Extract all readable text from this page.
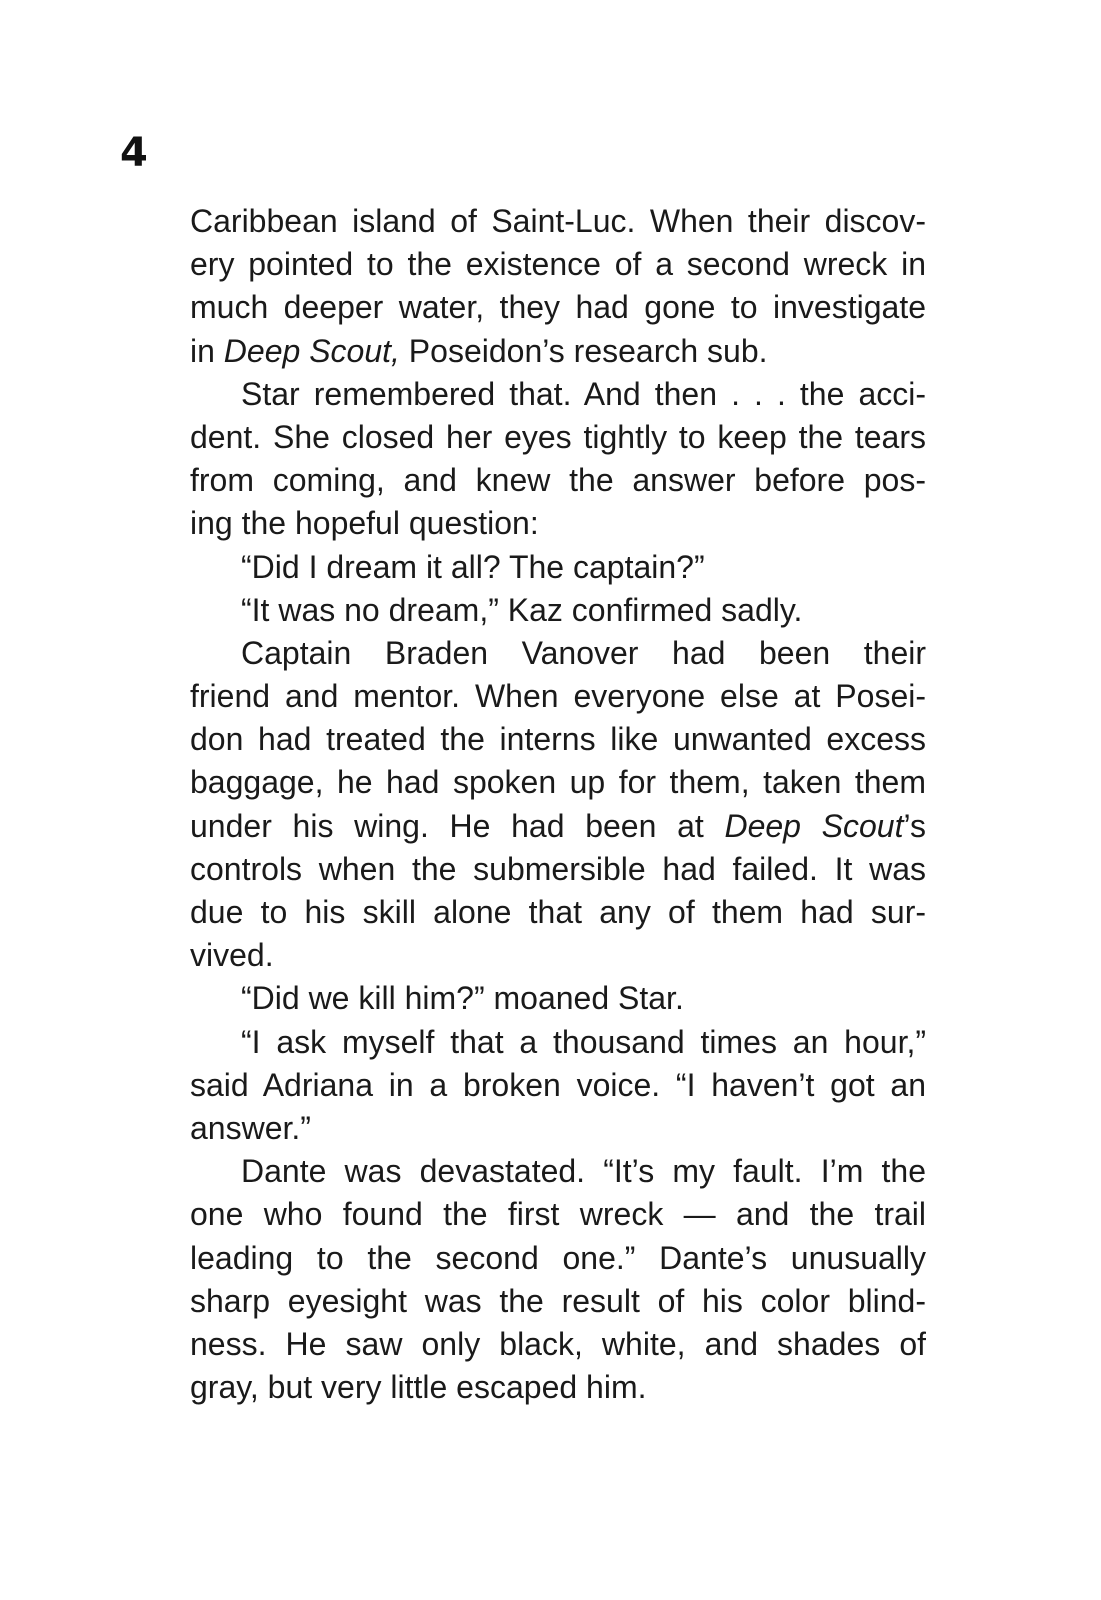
4
Caribbean island of Saint-Luc. When their discov-
ery pointed to the existence of a second wreck in
much deeper water, they had gone to investigate
in Deep Scout, Poseidon’s research sub.
Star remembered that. And then . . . the acci-
dent. She closed her eyes tightly to keep the tears
from coming, and knew the answer before pos-
ing the hopeful question:
“Did I dream it all? The captain?”
“It was no dream,” Kaz confirmed sadly.
Captain Braden Vanover had been their
friend and mentor. When everyone else at Posei-
don had treated the interns like unwanted excess
baggage, he had spoken up for them, taken them
under his wing. He had been at Deep Scout’s
controls when the submersible had failed. It was
due to his skill alone that any of them had sur-
vived.
“Did we kill him?” moaned Star.
“I ask myself that a thousand times an hour,”
said Adriana in a broken voice. “I haven’t got an
answer.”
Dante was devastated. “It’s my fault. I’m the
one who found the first wreck — and the trail
leading to the second one.” Dante’s unusually
sharp eyesight was the result of his color blind-
ness. He saw only black, white, and shades of
gray, but very little escaped him.
